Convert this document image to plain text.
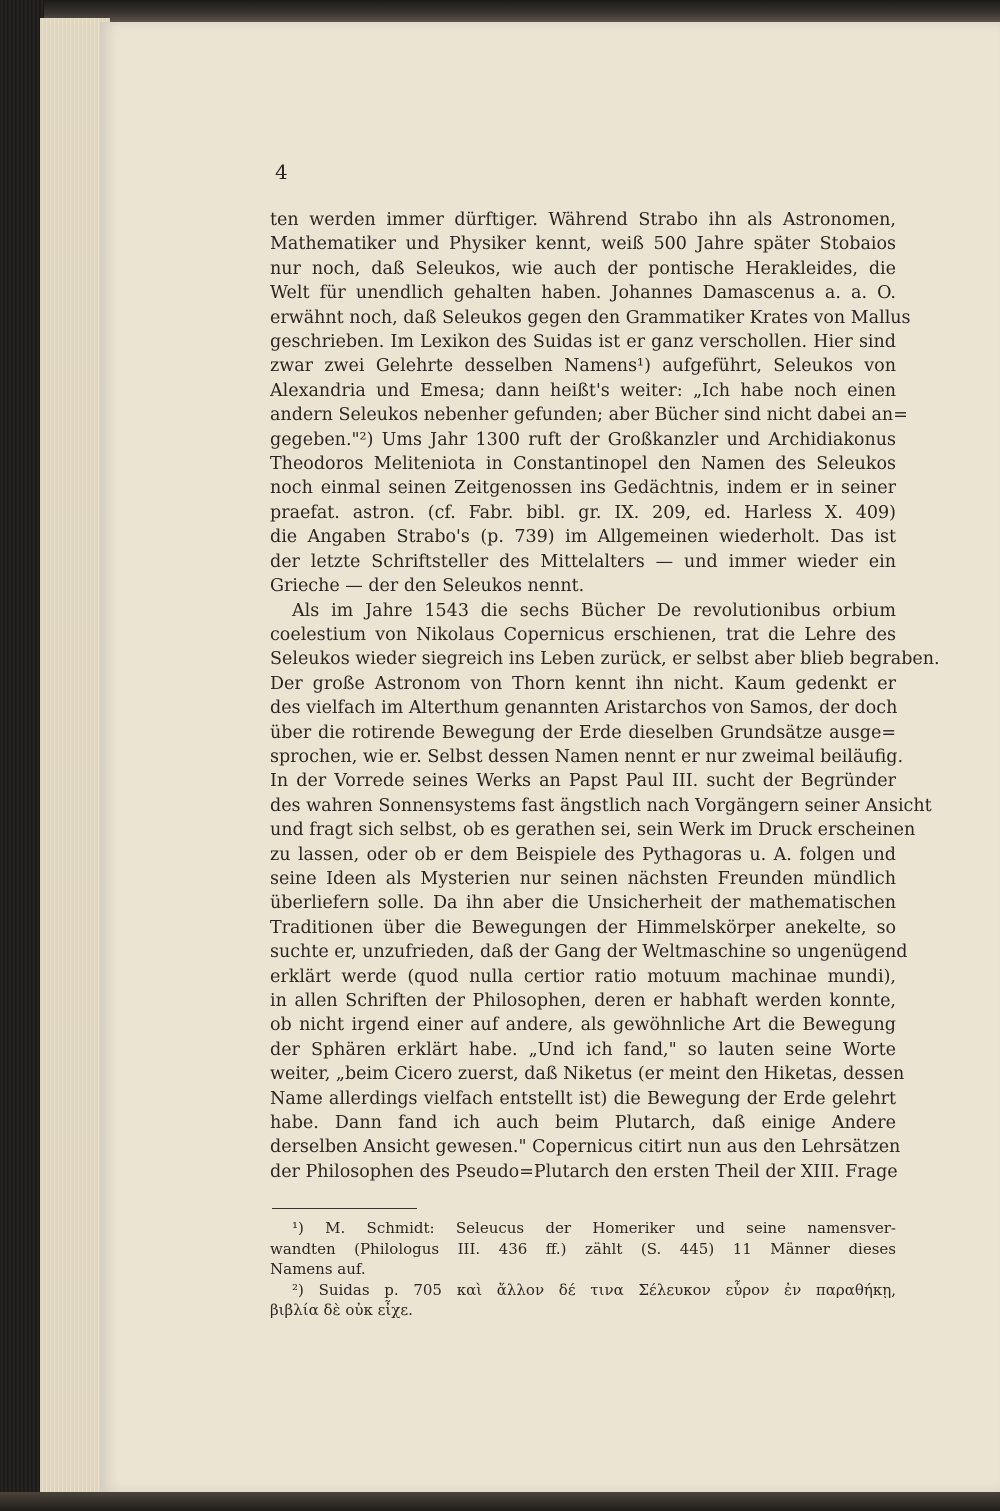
4
ten werden immer dürftiger. Während Strabo ihn als Astronomen,
Mathematiker und Physiker kennt, weiß 500 Jahre später Stobaios
nur noch, daß Seleukos, wie auch der pontische Herakleides, die
Welt für unendlich gehalten haben. Johannes Damascenus a. a. O.
erwähnt noch, daß Seleukos gegen den Grammatiker Krates von Mallus
geschrieben. Im Lexikon des Suidas ist er ganz verschollen. Hier sind
zwar zwei Gelehrte desselben Namens¹) aufgeführt, Seleukos von
Alexandria und Emesa; dann heißt's weiter: „Ich habe noch einen
andern Seleukos nebenher gefunden; aber Bücher sind nicht dabei an=
gegeben."²) Ums Jahr 1300 ruft der Großkanzler und Archidiakonus
Theodoros Meliteniota in Constantinopel den Namen des Seleukos
noch einmal seinen Zeitgenossen ins Gedächtnis, indem er in seiner
praefat. astron. (cf. Fabr. bibl. gr. IX. 209, ed. Harless X. 409)
die Angaben Strabo's (p. 739) im Allgemeinen wiederholt. Das ist
der letzte Schriftsteller des Mittelalters — und immer wieder ein
Grieche — der den Seleukos nennt.
Als im Jahre 1543 die sechs Bücher De revolutionibus orbium
coelestium von Nikolaus Copernicus erschienen, trat die Lehre des
Seleukos wieder siegreich ins Leben zurück, er selbst aber blieb begraben.
Der große Astronom von Thorn kennt ihn nicht. Kaum gedenkt er
des vielfach im Alterthum genannten Aristarchos von Samos, der doch
über die rotirende Bewegung der Erde dieselben Grundsätze ausge=
sprochen, wie er. Selbst dessen Namen nennt er nur zweimal beiläufig.
In der Vorrede seines Werks an Papst Paul III. sucht der Begründer
des wahren Sonnensystems fast ängstlich nach Vorgängern seiner Ansicht
und fragt sich selbst, ob es gerathen sei, sein Werk im Druck erscheinen
zu lassen, oder ob er dem Beispiele des Pythagoras u. A. folgen und
seine Ideen als Mysterien nur seinen nächsten Freunden mündlich
überliefern solle. Da ihn aber die Unsicherheit der mathematischen
Traditionen über die Bewegungen der Himmelskörper anekelte, so
suchte er, unzufrieden, daß der Gang der Weltmaschine so ungenügend
erklärt werde (quod nulla certior ratio motuum machinae mundi),
in allen Schriften der Philosophen, deren er habhaft werden konnte,
ob nicht irgend einer auf andere, als gewöhnliche Art die Bewegung
der Sphären erklärt habe. „Und ich fand," so lauten seine Worte
weiter, „beim Cicero zuerst, daß Niketus (er meint den Hiketas, dessen
Name allerdings vielfach entstellt ist) die Bewegung der Erde gelehrt
habe. Dann fand ich auch beim Plutarch, daß einige Andere
derselben Ansicht gewesen." Copernicus citirt nun aus den Lehrsätzen
der Philosophen des Pseudo=Plutarch den ersten Theil der XIII. Frage
¹) M. Schmidt: Seleucus der Homeriker und seine namensver-
wandten (Philologus III. 436 ff.) zählt (S. 445) 11 Männer dieses
Namens auf.
²) Suidas p. 705 καὶ ἄλλον δέ τινα Σέλευκον εὗρον ἐν παραθήκῃ,
βιβλία δὲ οὐκ εἶχε.
